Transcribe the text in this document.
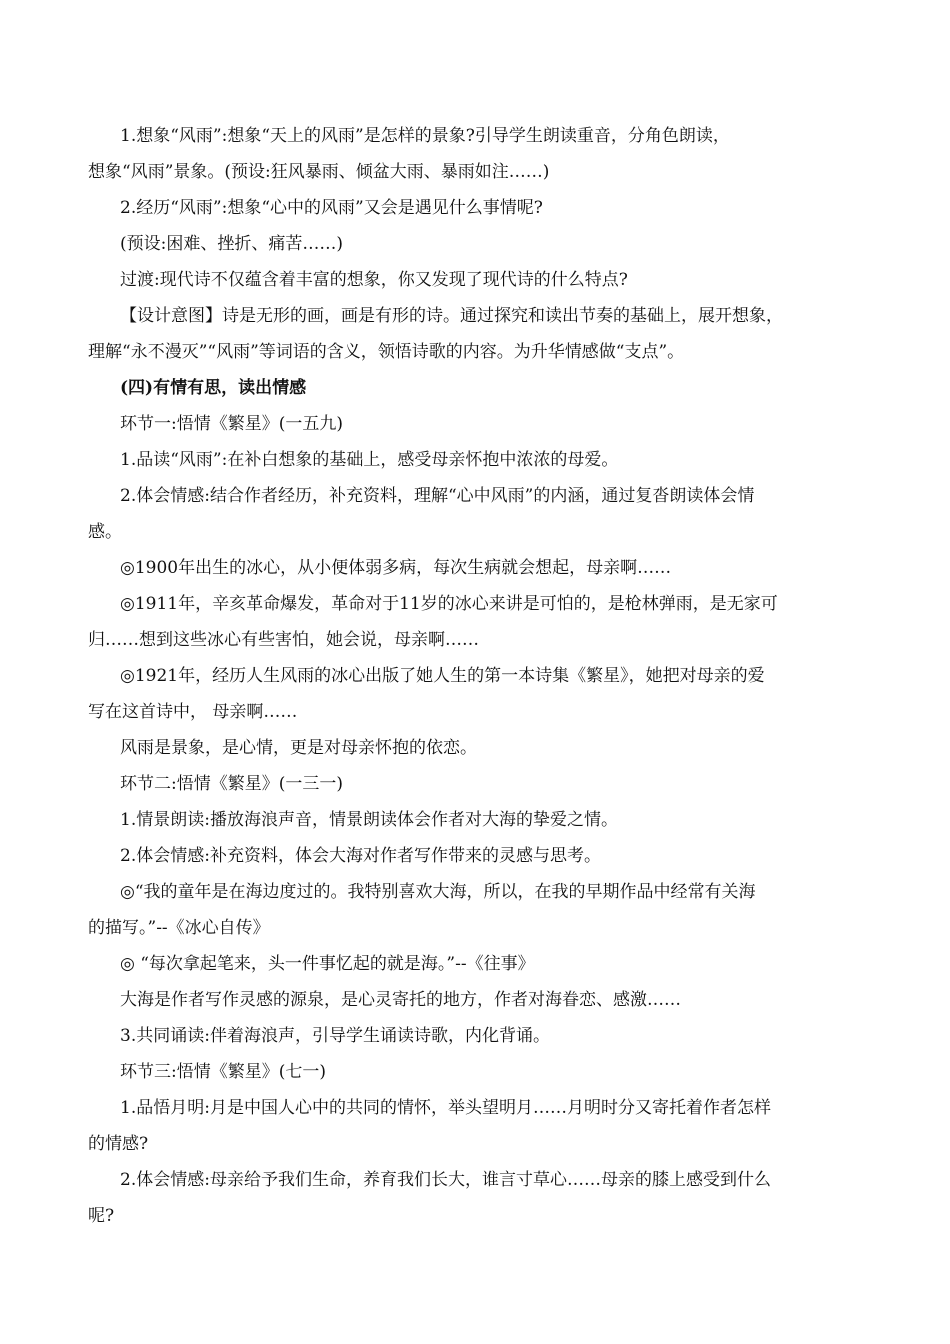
1.想象“风雨”:想象“天上的风雨”是怎样的景象?引导学生朗读重音，分角色朗读，
想象“风雨”景象。(预设:狂风暴雨、倾盆大雨、暴雨如注……)
2.经历“风雨”:想象“心中的风雨”又会是遇见什么事情呢?
(预设:困难、挫折、痛苦……)
过渡:现代诗不仅蕴含着丰富的想象，你又发现了现代诗的什么特点?
【设计意图】诗是无形的画，画是有形的诗。通过探究和读出节奏的基础上，展开想象，
理解“永不漫灭”“风雨”等词语的含义，领悟诗歌的内容。为升华情感做“支点”。
(四)有情有思，读出情感
环节一:悟情《繁星》(一五九)
1.品读“风雨”:在补白想象的基础上，感受母亲怀抱中浓浓的母爱。
2.体会情感:结合作者经历，补充资料，理解“心中风雨”的内涵，通过复沓朗读体会情
感。
◎1900年出生的冰心，从小便体弱多病，每次生病就会想起，母亲啊……
◎1911年，辛亥革命爆发，革命对于11岁的冰心来讲是可怕的，是枪林弹雨，是无家可
归……想到这些冰心有些害怕，她会说，母亲啊……
◎1921年，经历人生风雨的冰心出版了她人生的第一本诗集《繁星》，她把对母亲的爱
写在这首诗中， 母亲啊……
风雨是景象，是心情，更是对母亲怀抱的依恋。
环节二:悟情《繁星》(一三一)
1.情景朗读:播放海浪声音，情景朗读体会作者对大海的挚爱之情。
2.体会情感:补充资料，体会大海对作者写作带来的灵感与思考。
◎“我的童年是在海边度过的。我特别喜欢大海，所以，在我的早期作品中经常有关海
的描写。”--《冰心自传》
◎ “每次拿起笔来，头一件事忆起的就是海。”--《往事》
大海是作者写作灵感的源泉，是心灵寄托的地方，作者对海眷恋、感激……
3.共同诵读:伴着海浪声，引导学生诵读诗歌，内化背诵。
环节三:悟情《繁星》(七一)
1.品悟月明:月是中国人心中的共同的情怀，举头望明月……月明时分又寄托着作者怎样
的情感?
2.体会情感:母亲给予我们生命，养育我们长大，谁言寸草心……母亲的膝上感受到什么
呢?
